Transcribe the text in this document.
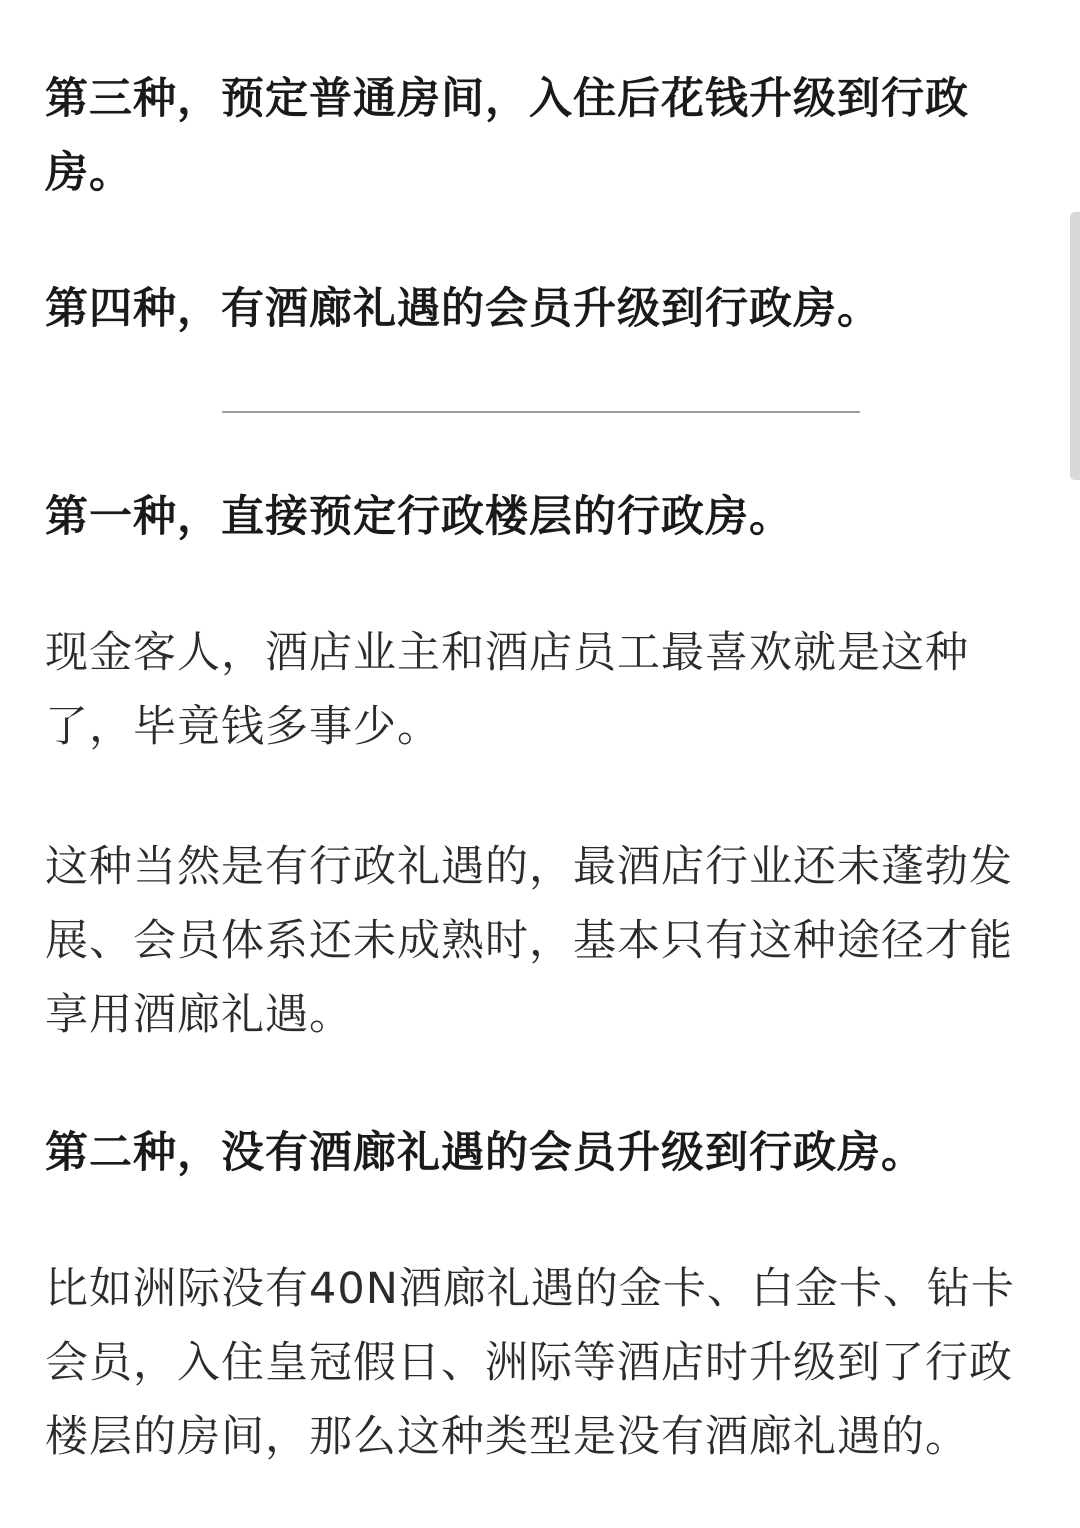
第三种，预定普通房间，入住后花钱升级到行政房。

第四种，有酒廊礼遇的会员升级到行政房。

第一种，直接预定行政楼层的行政房。

现金客人，酒店业主和酒店员工最喜欢就是这种了，毕竟钱多事少。

这种当然是有行政礼遇的，最酒店行业还未蓬勃发展、会员体系还未成熟时，基本只有这种途径才能享用酒廊礼遇。

第二种，没有酒廊礼遇的会员升级到行政房。

比如洲际没有40N酒廊礼遇的金卡、白金卡、钻卡会员，入住皇冠假日、洲际等酒店时升级到了行政楼层的房间，那么这种类型是没有酒廊礼遇的。
